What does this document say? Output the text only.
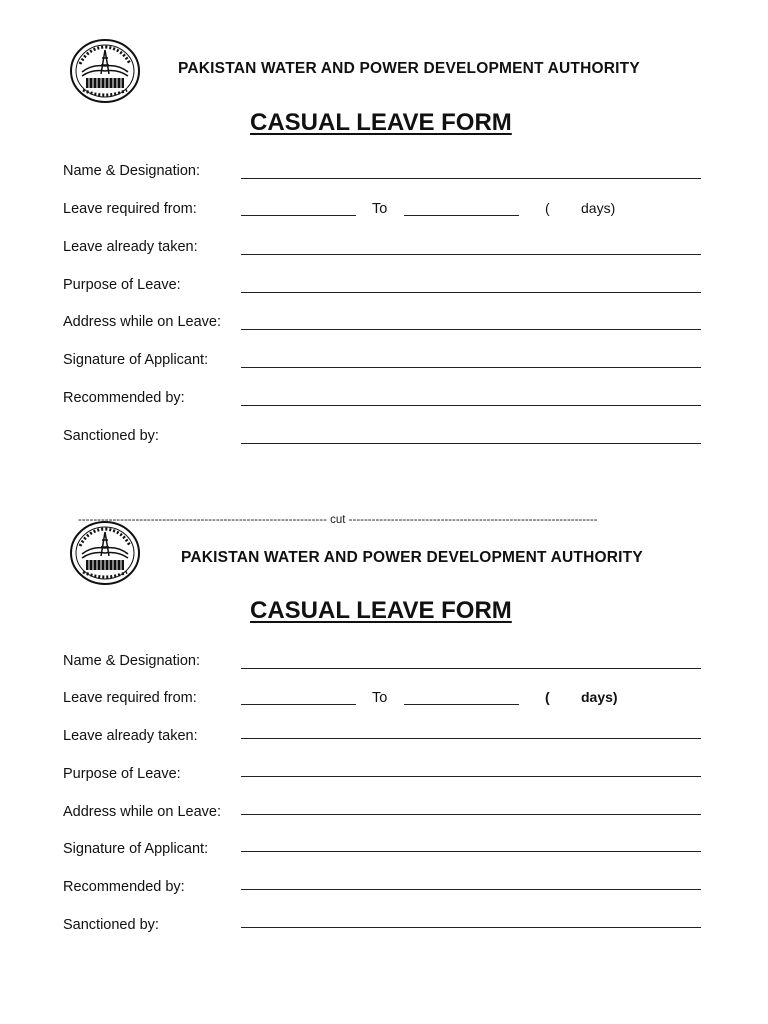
PAKISTAN WATER AND POWER DEVELOPMENT AUTHORITY
CASUAL LEAVE FORM
Name & Designation:
Leave required from:	To	( days)
Leave already taken:
Purpose of Leave:
Address while on Leave:
Signature of Applicant:
Recommended by:
Sanctioned by:
----------------------------------------------------------------- cut -----------------------------------------------------------------
PAKISTAN WATER AND POWER DEVELOPMENT AUTHORITY
CASUAL LEAVE FORM
Name & Designation:
Leave required from:	To	( days)
Leave already taken:
Purpose of Leave:
Address while on Leave:
Signature of Applicant:
Recommended by:
Sanctioned by:
